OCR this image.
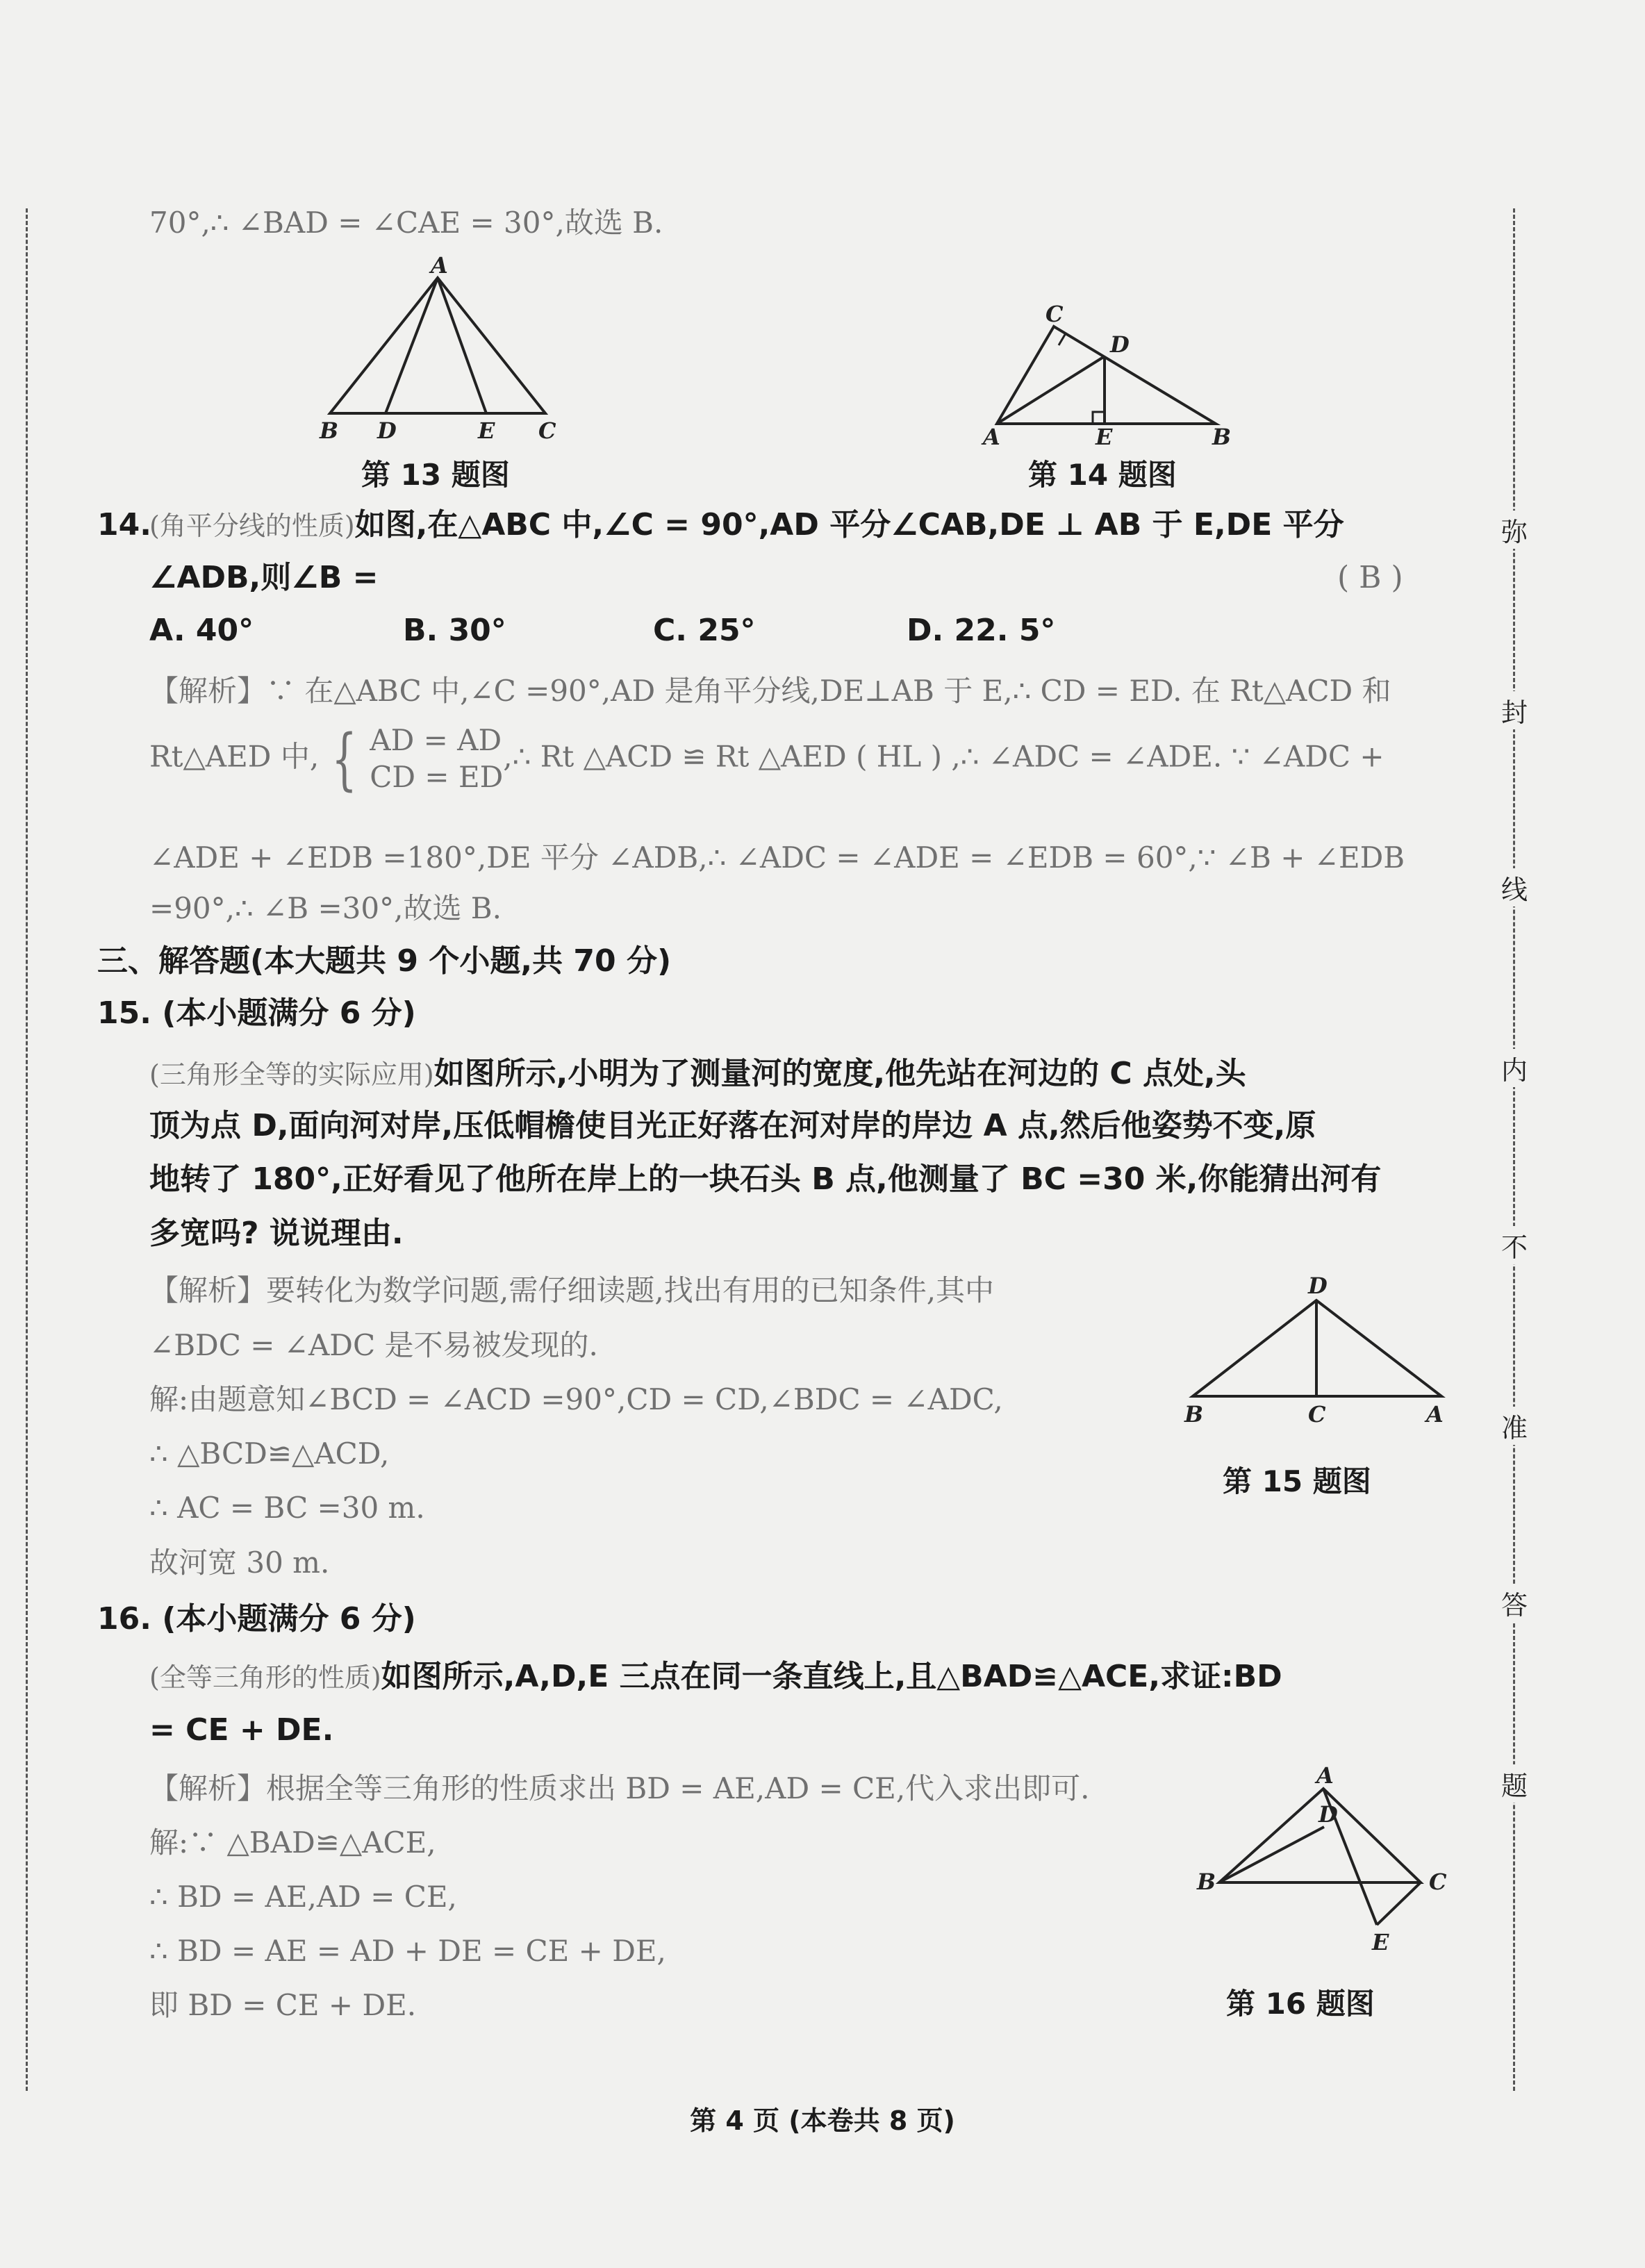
弥
封
线
内
不
准
答
题
70°,∴ ∠BAD = ∠CAE = 30°,故选 B.
A
B D	E C
第 13 题图
C
D
A	E	B
第 14 题图
14.
(角平分线的性质)如图,在△ABC 中,∠C = 90°,AD 平分∠CAB,DE ⊥ AB 于 E,DE 平分
∠ADB,则∠B =	( B )
A. 40°	B. 30°	C. 25°	D. 22. 5°
【解析】∵ 在△ABC 中,∠C =90°,AD 是角平分线,DE⊥AB 于 E,∴ CD = ED. 在 Rt△ACD 和
Rt△AED 中, { AD = AD
CD = ED
,∴ Rt △ACD ≌ Rt △AED ( HL ) ,∴ ∠ADC = ∠ADE. ∵ ∠ADC +
∠ADE + ∠EDB =180°,DE 平分 ∠ADB,∴ ∠ADC = ∠ADE = ∠EDB = 60°,∵ ∠B + ∠EDB
=90°,∴ ∠B =30°,故选 B.
三、解答题(本大题共 9 个小题,共 70 分)
15. (本小题满分 6 分)
(三角形全等的实际应用)如图所示,小明为了测量河的宽度,他先站在河边的 C 点处,头
顶为点 D,面向河对岸,压低帽檐使目光正好落在河对岸的岸边 A 点,然后他姿势不变,原
地转了 180°,正好看见了他所在岸上的一块石头 B 点,他测量了 BC =30 米,你能猜出河有
多宽吗? 说说理由.
【解析】要转化为数学问题,需仔细读题,找出有用的已知条件,其中
∠BDC = ∠ADC 是不易被发现的.
解:由题意知∠BCD = ∠ACD =90°,CD = CD,∠BDC = ∠ADC,
∴ △BCD≌△ACD,
∴ AC = BC =30 m.
故河宽 30 m.
D
B	C	A
第 15 题图
16. (本小题满分 6 分)
(全等三角形的性质)如图所示,A,D,E 三点在同一条直线上,且△BAD≌△ACE,求证:BD
= CE + DE.
【解析】根据全等三角形的性质求出 BD = AE,AD = CE,代入求出即可.
解:∵ △BAD≌△ACE,
∴ BD = AE,AD = CE,
∴ BD = AE = AD + DE = CE + DE,
即 BD = CE + DE.
A
D
B	C
E
第 16 题图
第 4 页 (本卷共 8 页)
